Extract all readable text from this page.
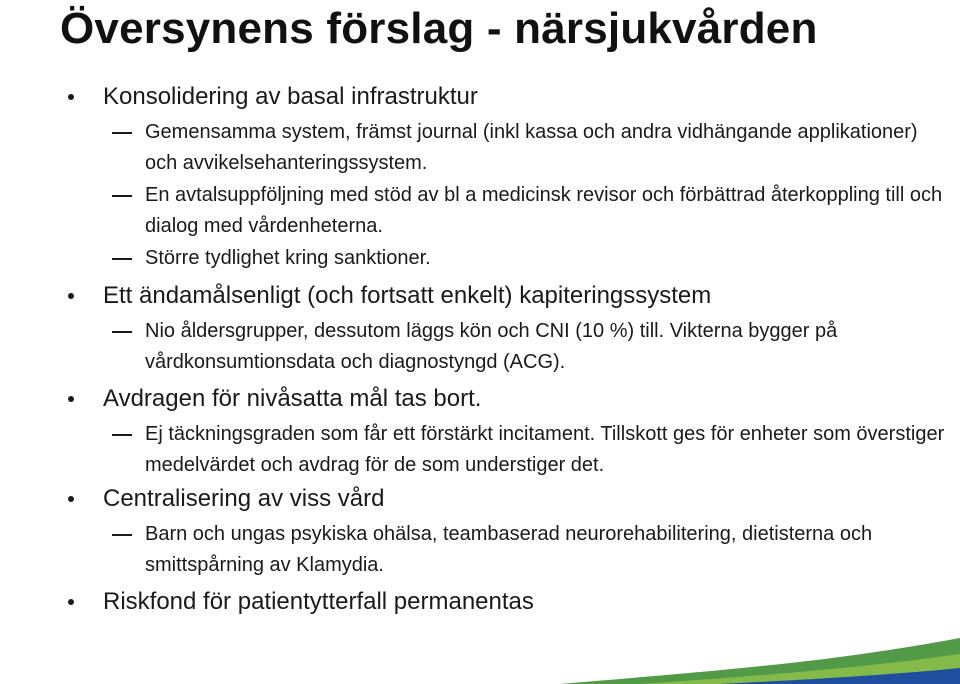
Översynens förslag - närsjukvården
Konsolidering av basal infrastruktur
Gemensamma system, främst journal (inkl kassa och andra vidhängande applikationer) och avvikelsehanteringssystem.
En avtalsuppföljning med stöd av bl a medicinsk revisor och förbättrad återkoppling till och dialog med vårdenheterna.
Större tydlighet kring sanktioner.
Ett ändamålsenligt (och fortsatt enkelt) kapiteringssystem
Nio åldersgrupper, dessutom läggs kön och CNI (10 %) till. Vikterna bygger på vårdkonsumtionsdata och diagnostyngd (ACG).
Avdragen för nivåsatta mål tas bort.
Ej täckningsgraden som får ett förstärkt incitament. Tillskott ges för enheter som överstiger medelvärdet och avdrag för de som understiger det.
Centralisering av viss vård
Barn och ungas psykiska ohälsa, teambaserad neurorehabilitering, dietisterna och smittspårning av Klamydia.
Riskfond för patientytterfall permanentas
